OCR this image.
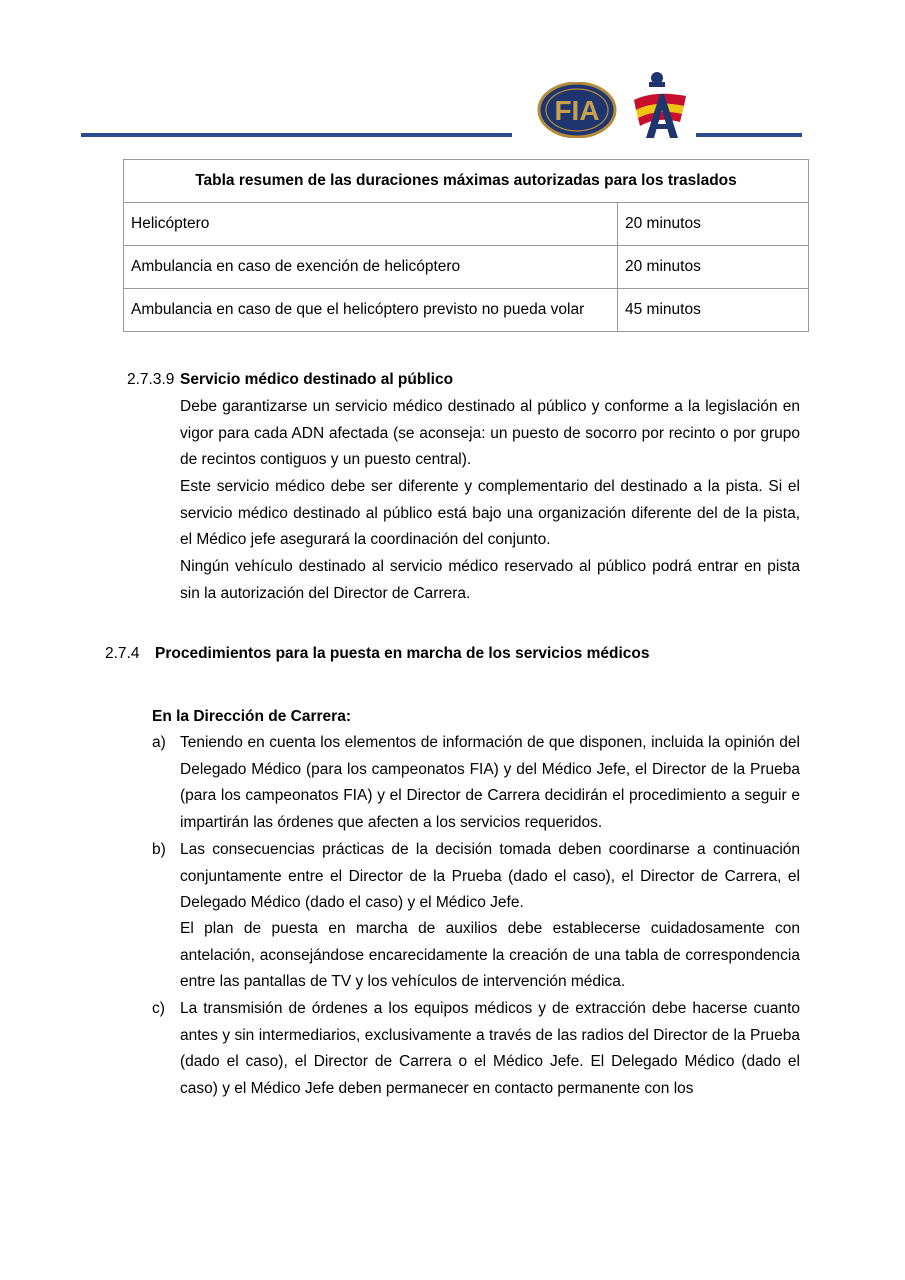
FIA
Tabla resumen de las duraciones máximas autorizadas para los traslados	
Helicóptero	20 minutos
Ambulancia en caso de exención de helicóptero	20 minutos
Ambulancia en caso de que el helicóptero previsto no pueda volar	45 minutos
2.7.3.9 Servicio médico destinado al público

Debe garantizarse un servicio médico destinado al público y conforme a la legislación en vigor para cada ADN afectada (se aconseja: un puesto de socorro por recinto o por grupo de recintos contiguos y un puesto central).

Este servicio médico debe ser diferente y complementario del destinado a la pista. Si el servicio médico destinado al público está bajo una organización diferente del de la pista, el Médico jefe asegurará la coordinación del conjunto.

Ningún vehículo destinado al servicio médico reservado al público podrá entrar en pista sin la autorización del Director de Carrera.

2.7.4 Procedimientos para la puesta en marcha de los servicios médicos
En la Dirección de Carrera:
a) Teniendo en cuenta los elementos de información de que disponen, incluida la opinión del Delegado Médico (para los campeonatos FIA) y del Médico Jefe, el Director de la Prueba (para los campeonatos FIA) y el Director de Carrera decidirán el procedimiento a seguir e impartirán las órdenes que afecten a los servicios requeridos.

b) Las consecuencias prácticas de la decisión tomada deben coordinarse a continuación conjuntamente entre el Director de la Prueba (dado el caso), el Director de Carrera, el Delegado Médico (dado el caso) y el Médico Jefe.

El plan de puesta en marcha de auxilios debe establecerse cuidadosamente con antelación, aconsejándose encarecidamente la creación de una tabla de correspondencia entre las pantallas de TV y los vehículos de intervención médica.

c) La transmisión de órdenes a los equipos médicos y de extracción debe hacerse cuanto antes y sin intermediarios, exclusivamente a través de las radios del Director de la Prueba (dado el caso), el Director de Carrera o el Médico Jefe. El Delegado Médico (dado el caso) y el Médico Jefe deben permanecer en contacto permanente con los
